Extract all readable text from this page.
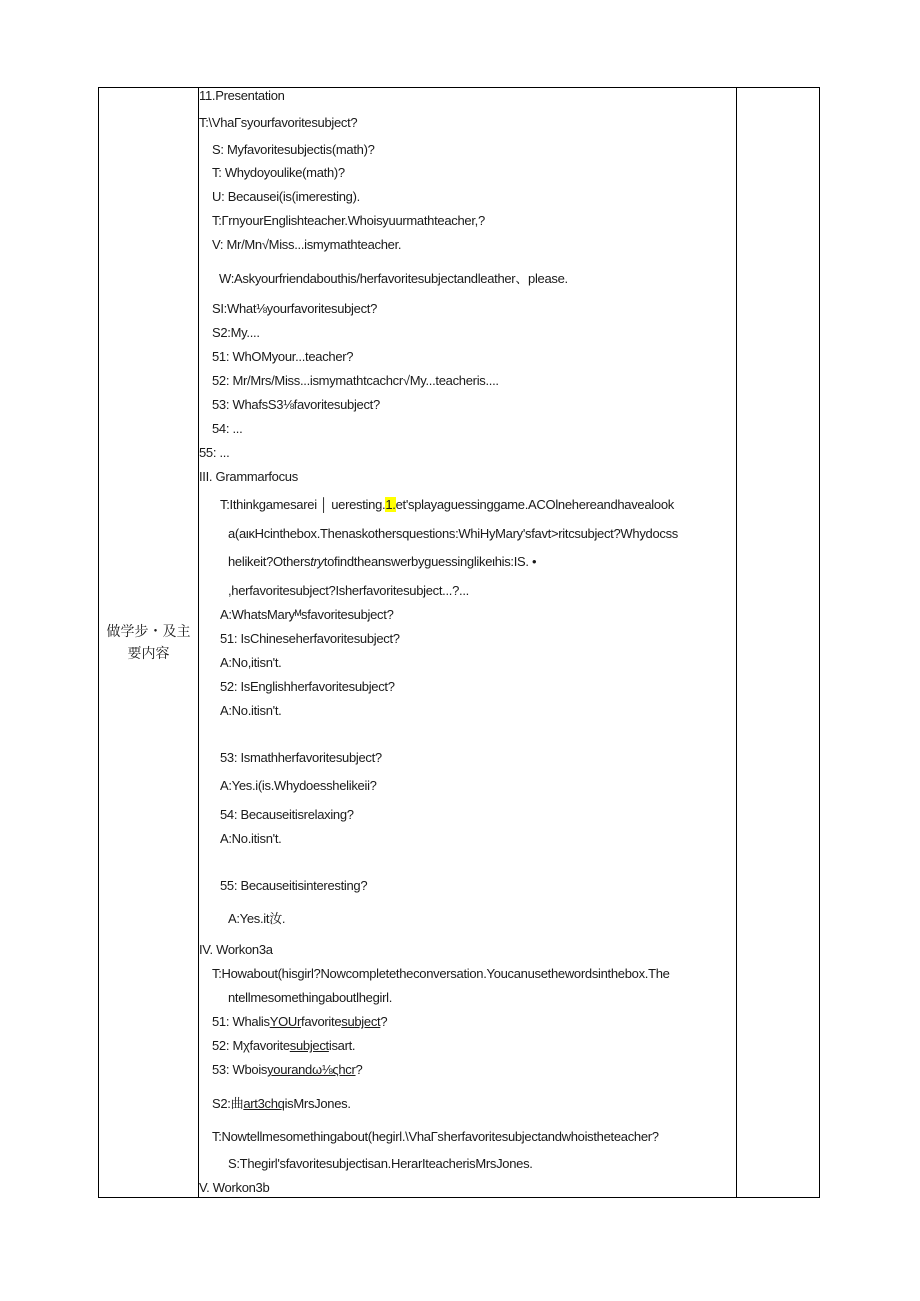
做学步・及主
要内容
11.Presentation
T:\VhaГsyourfavoritesubject?
S: Myfavoritesubjectis(math)?
T: Whydoyoulike(math)?
U: Becausei(is(imeresting).
T:ГrnyourEnglishteacher.Whoisyuurmathteacher,?
V: Mr/Mn√Miss...ismymathteacher.
W:Askyourfriendabouthis/herfavoritesubjectandleather、please.
SI:What⅛yourfavoritesubject?
S2:My....
51: WhOMyour...teacher?
52: Mr/Mrs/Miss...ismymathtcachcr√My...teacheris....
53: WhafsS3⅛favoritesubject?
54: ...
55: ...
III. Grammarfocus
T:Ithinkgamesarei │ ueresting.1.et'splayaguessinggame.ACOlnehereandhavealook
a(aικHcinthebox.Thenaskothersquestions:WhiHyMary'sfavt>ritcsubject?Whydocss
helikeit?Otherstrytofindtheanswerbyguessinglikeιhis:IS. •
,herfavoritesubject?Isherfavoritesubject...?...
A:WhatsMaryᴹsfavoritesubject?
51: IsChineseherfavoritesubject?
A:No,itisn't.
52: IsEnglishherfavoritesubject?
A:No.itisn't.
53: Ismathherfavoritesubject?
A:Yes.i(is.Whydoesshelikeii?
54: Becauseitisrelaxing?
A:No.itisn't.
55: Becauseitisinteresting?
A:Yes.it汝.
IV. Workon3a
T:Howabout(hisgirl?Nowcompletetheconversation.Youcanusethewordsinthebox.The
ntellmesomethingaboutlhegirl.
51: WhalisYOUrfavoritesubject?
52: Mχfavoritesubjectisart.
53: Wboisyourandω⅛ςhcr?
S2:曲art3chqisMrsJones.
T:Nowtellmesomethingabout(hegirl.\VhaГsherfavoritesubjectandwhoistheteacher?
S:Thegirl'sfavoritesubjectisan.HerarIteacherisMrsJones.
V. Workon3b
